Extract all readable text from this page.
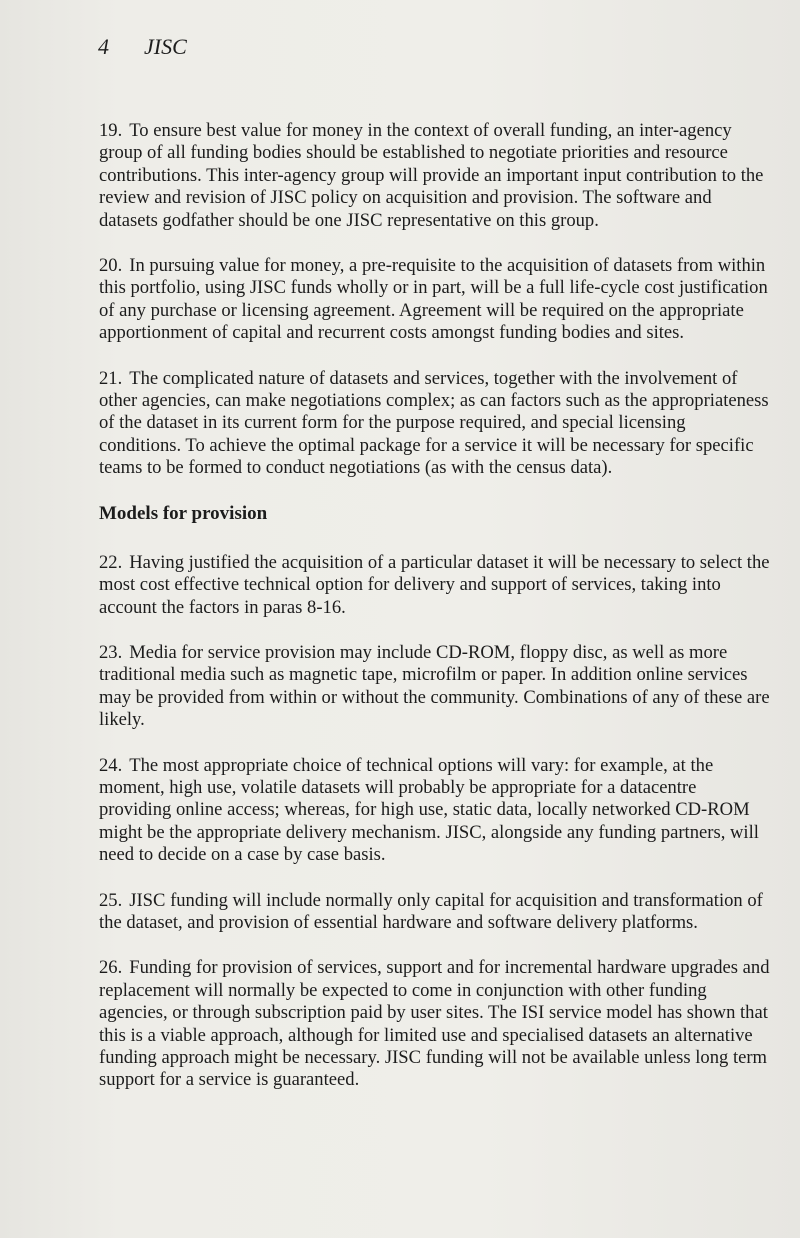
4 JISC

19. To ensure best value for money in the context of overall funding, an inter-agency group of all funding bodies should be established to negotiate priorities and resource contributions. This inter-agency group will provide an important input contribution to the review and revision of JISC policy on acquisition and provision. The software and datasets godfather should be one JISC representative on this group.

20. In pursuing value for money, a pre-requisite to the acquisition of datasets from within this portfolio, using JISC funds wholly or in part, will be a full life-cycle cost justification of any purchase or licensing agreement. Agreement will be required on the appropriate apportionment of capital and recurrent costs amongst funding bodies and sites.

21. The complicated nature of datasets and services, together with the involvement of other agencies, can make negotiations complex; as can factors such as the appropriateness of the dataset in its current form for the purpose required, and special licensing conditions. To achieve the optimal package for a service it will be necessary for specific teams to be formed to conduct negotiations (as with the census data).

Models for provision

22. Having justified the acquisition of a particular dataset it will be necessary to select the most cost effective technical option for delivery and support of services, taking into account the factors in paras 8-16.

23. Media for service provision may include CD-ROM, floppy disc, as well as more traditional media such as magnetic tape, microfilm or paper. In addition online services may be provided from within or without the community. Combinations of any of these are likely.

24. The most appropriate choice of technical options will vary: for example, at the moment, high use, volatile datasets will probably be appropriate for a datacentre providing online access; whereas, for high use, static data, locally networked CD-ROM might be the appropriate delivery mechanism. JISC, alongside any funding partners, will need to decide on a case by case basis.

25. JISC funding will include normally only capital for acquisition and transformation of the dataset, and provision of essential hardware and software delivery platforms.

26. Funding for provision of services, support and for incremental hardware upgrades and replacement will normally be expected to come in conjunction with other funding agencies, or through subscription paid by user sites. The ISI service model has shown that this is a viable approach, although for limited use and specialised datasets an alternative funding approach might be necessary. JISC funding will not be available unless long term support for a service is guaranteed.
